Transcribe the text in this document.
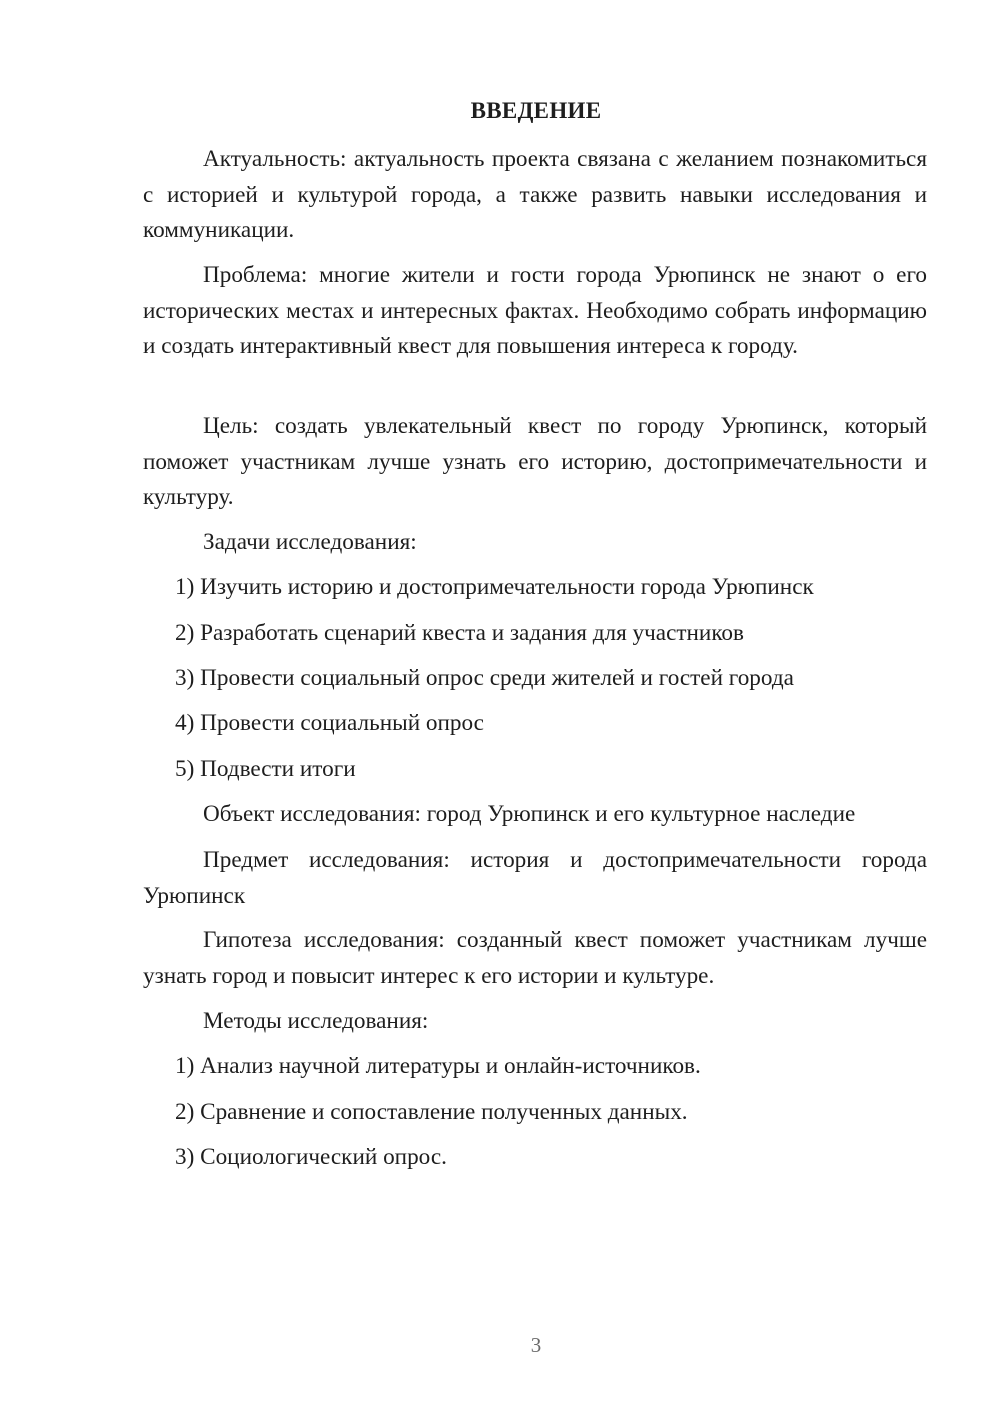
ВВЕДЕНИЕ

Актуальность: актуальность проекта связана с желанием познакомиться с историей и культурой города, а также развить навыки исследования и коммуникации.

Проблема: многие жители и гости города Урюпинск не знают о его исторических местах и интересных фактах. Необходимо собрать информацию и создать интерактивный квест для повышения интереса к городу.

Цель: создать увлекательный квест по городу Урюпинск, который поможет участникам лучше узнать его историю, достопримечательности и культуру.

Задачи исследования:

1) Изучить историю и достопримечательности города Урюпинск

2) Разработать сценарий квеста и задания для участников

3) Провести социальный опрос среди жителей и гостей города

4) Провести социальный опрос

5) Подвести итоги

Объект исследования: город Урюпинск и его культурное наследие

Предмет исследования: история и достопримечательности города Урюпинск

Гипотеза исследования: созданный квест поможет участникам лучше узнать город и повысит интерес к его истории и культуре.

Методы исследования:

1) Анализ научной литературы и онлайн-источников.

2) Сравнение и сопоставление полученных данных.

3) Социологический опрос.

3
